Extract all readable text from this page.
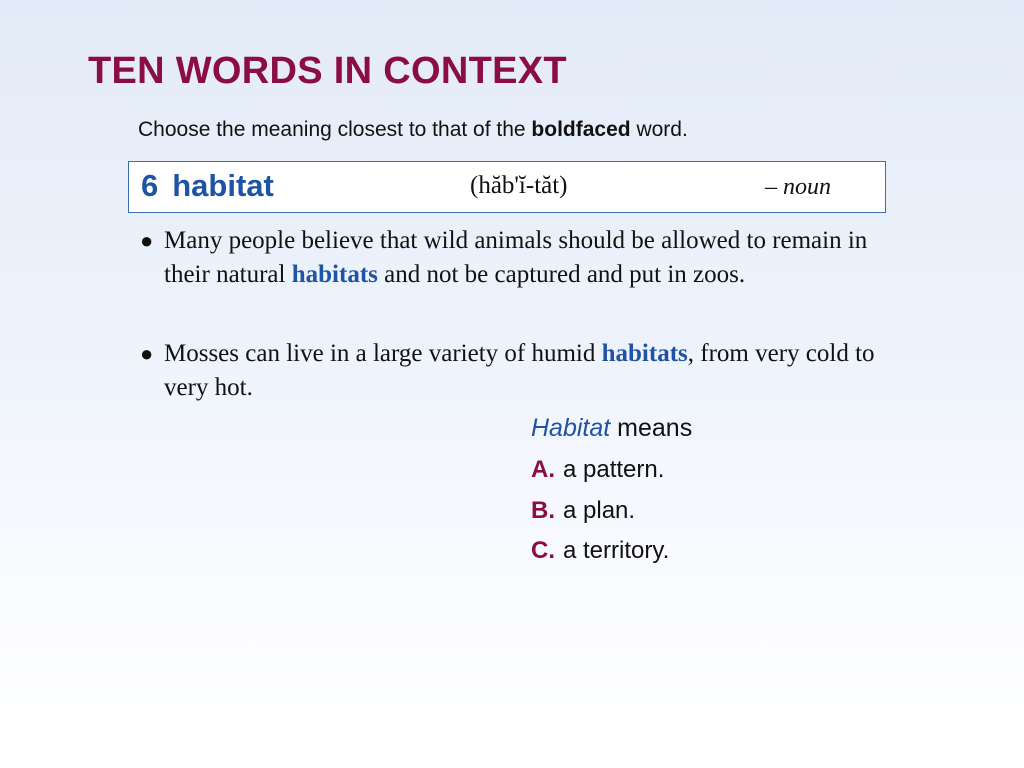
TEN WORDS IN CONTEXT
Choose the meaning closest to that of the boldfaced word.
6 habitat	(hăb'ĭ-tăt)	– noun
● Many people believe that wild animals should be allowed to remain in their natural habitats and not be captured and put in zoos.
● Mosses can live in a large variety of humid habitats, from very cold to very hot.
Habitat means
A. a pattern.
B. a plan.
C. a territory.
